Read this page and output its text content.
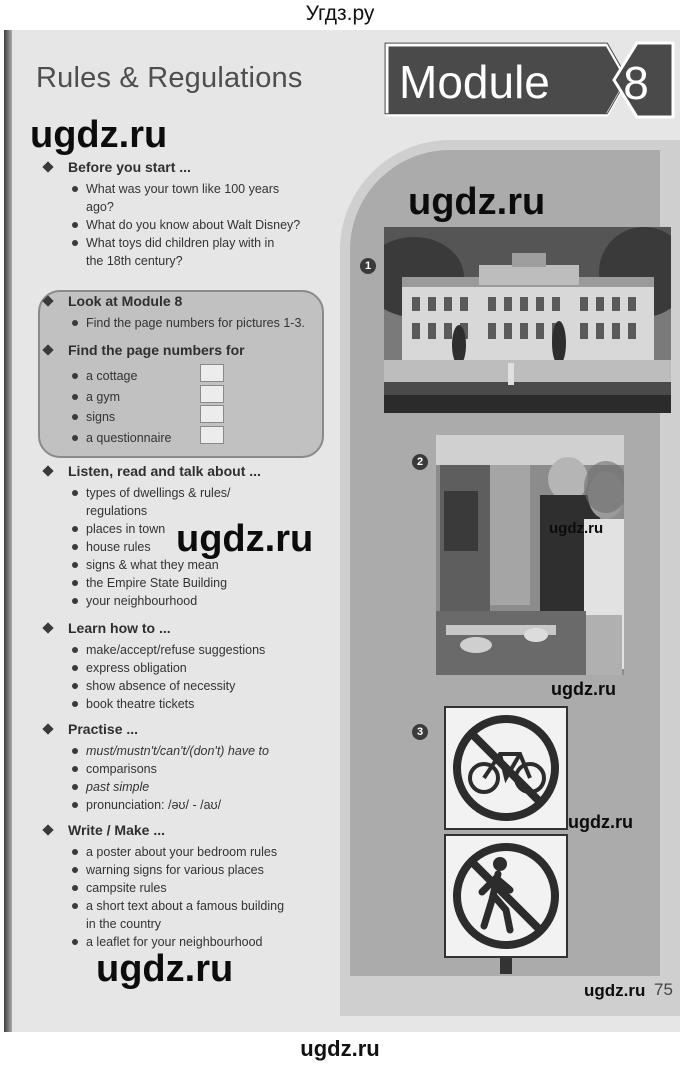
Угдз.ру
Rules & Regulations Module 8
Before you start ...
What was your town like 100 years
ago?
What do you know about Walt Disney?
What toys did children play with in
the 18th century?
Look at Module 8
Find the page numbers for pictures 1-3.
Find the page numbers for
a cottage
a gym
signs
a questionnaire
Listen, read and talk about ...
types of dwellings & rules/
regulations
places in town
house rules
signs & what they mean
the Empire State Building
your neighbourhood
Learn how to ...
make/accept/refuse suggestions
express obligation
show absence of necessity
book theatre tickets
Practise ...
must/mustn't/can't/(don't) have to
comparisons
past simple
pronunciation: /əʊ/ - /aʊ/
Write / Make ...
a poster about your bedroom rules
warning signs for various places
campsite rules
a short text about a famous building
in the country
a leaflet for your neighbourhood
1
2
3
75
ugdz.ru
ugdz.ru
ugdz.ru	ugdz.ru
ugdz.ru
ugdz.ru
ugdz.ru
ugdz.ru
ugdz.ru
